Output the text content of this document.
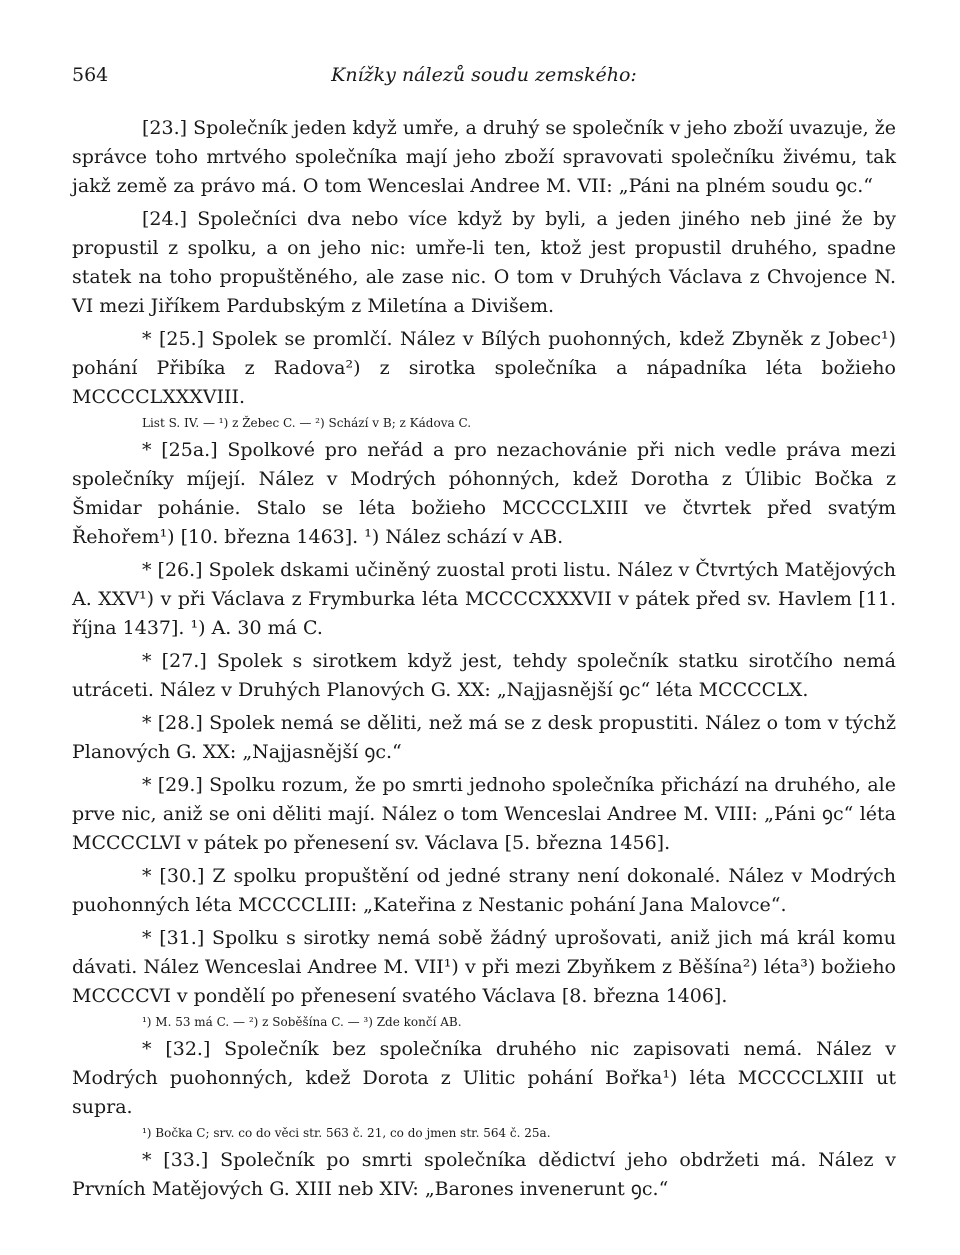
564	Knížky nálezů soudu zemského:

[23.] Společník jeden když umře, a druhý se společník v jeho zboží uvazuje, že správce toho mrtvého společníka mají jeho zboží spravovati společníku živému, tak jakž země za právo má. O tom Wenceslai Andree M. VII: „Páni na plném soudu ꝯc.“

[24.] Společníci dva nebo více když by byli, a jeden jiného neb jiné že by propustil z spolku, a on jeho nic: umře-li ten, ktož jest propustil druhého, spadne statek na toho propuštěného, ale zase nic. O tom v Druhých Václava z Chvojence N. VI mezi Jiříkem Pardubským z Miletína a Divišem.

* [25.] Spolek se promlčí. Nález v Bílých puohonných, kdež Zbyněk z Jobec¹) pohání Přibíka z Radova²) z sirotka společníka a nápadníka léta božieho MCCCCLXXXVIII.

List S. IV. — ¹) z Žebec C. — ²) Schází v B; z Kádova C.

* [25a.] Spolkové pro neřád a pro nezachovánie při nich vedle práva mezi společníky míjejí. Nález v Modrých póhonných, kdež Dorotha z Úlibic Bočka z Šmidar pohánie. Stalo se léta božieho MCCCCLXIII ve čtvrtek před svatým Řehořem¹) [10. března 1463]. ¹) Nález schází v AB.

* [26.] Spolek dskami učiněný zuostal proti listu. Nález v Čtvrtých Matějových A. XXV¹) v při Václava z Frymburka léta MCCCCXXXVII v pátek před sv. Havlem [11. října 1437]. ¹) A. 30 má C.

* [27.] Spolek s sirotkem když jest, tehdy společník statku sirotčího nemá utráceti. Nález v Druhých Planových G. XX: „Najjasnější ꝯc“ léta MCCCCLX.

* [28.] Spolek nemá se děliti, než má se z desk propustiti. Nález o tom v týchž Planových G. XX: „Najjasnější ꝯc.“

* [29.] Spolku rozum, že po smrti jednoho společníka přichází na druhého, ale prve nic, aniž se oni děliti mají. Nález o tom Wenceslai Andree M. VIII: „Páni ꝯc“ léta MCCCCLVI v pátek po přenesení sv. Václava [5. března 1456].

* [30.] Z spolku propuštění od jedné strany není dokonalé. Nález v Modrých puohonných léta MCCCCLIII: „Kateřina z Nestanic pohání Jana Malovce“.

* [31.] Spolku s sirotky nemá sobě žádný uprošovati, aniž jich má král komu dávati. Nález Wenceslai Andree M. VII¹) v při mezi Zbyňkem z Běšína²) léta³) božieho MCCCCVI v pondělí po přenesení svatého Václava [8. března 1406].

¹) M. 53 má C. — ²) z Soběšína C. — ³) Zde končí AB.

* [32.] Společník bez společníka druhého nic zapisovati nemá. Nález v Modrých puohonných, kdež Dorota z Ulitic pohání Bořka¹) léta MCCCCLXIII ut supra.

¹) Bočka C; srv. co do věci str. 563 č. 21, co do jmen str. 564 č. 25a.

* [33.] Společník po smrti společníka dědictví jeho obdržeti má. Nález v Prvních Matějových G. XIII neb XIV: „Barones invenerunt ꝯc.“
